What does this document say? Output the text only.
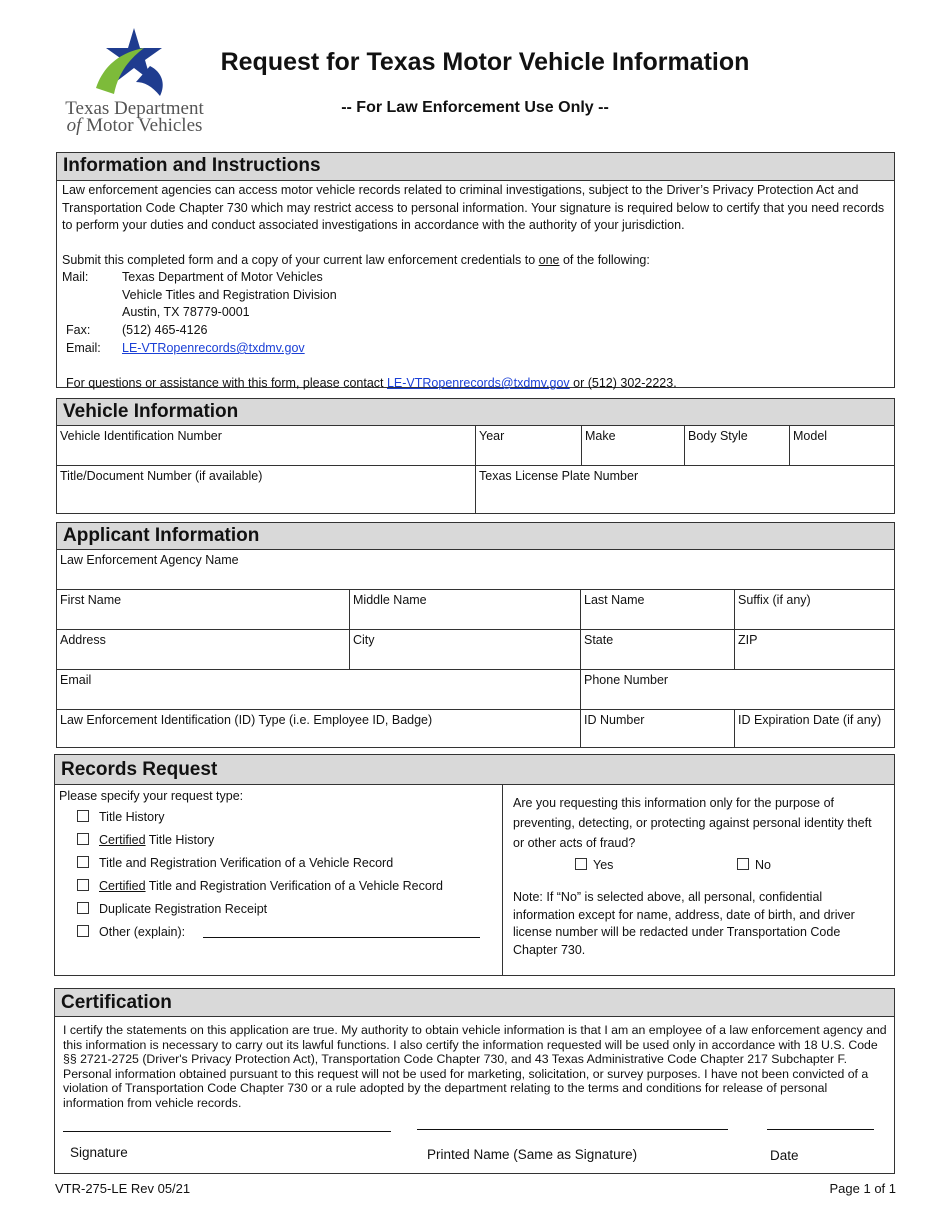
Texas Department
of Motor Vehicles
Request for Texas Motor Vehicle Information
-- For Law Enforcement Use Only --
Information and Instructions
Law enforcement agencies can access motor vehicle records related to criminal investigations, subject to the Driver’s Privacy Protection Act and Transportation Code Chapter 730 which may restrict access to personal information. Your signature is required below to certify that you need records to perform your duties and conduct associated investigations in accordance with the authority of your jurisdiction.
Submit this completed form and a copy of your current law enforcement credentials to one of the following:
Mail:	Texas Department of Motor Vehicles
Vehicle Titles and Registration Division
Austin, TX 78779-0001
Fax:	(512) 465-4126
Email: LE-VTRopenrecords@txdmv.gov
For questions or assistance with this form, please contact LE-VTRopenrecords@txdmv.gov or (512) 302-2223.
Vehicle Information
Vehicle Identification Number	Year	Make	Body Style	Model
Title/Document Number (if available)	Texas License Plate Number
Applicant Information
Law Enforcement Agency Name
First Name	Middle Name	Last Name	Suffix (if any)
Address	City	State	ZIP
Email	Phone Number
Law Enforcement Identification (ID) Type (i.e. Employee ID, Badge)	ID Number	ID Expiration Date (if any)
Records Request
Please specify your request type:
Title History
Certified Title History
Title and Registration Verification of a Vehicle Record
Certified Title and Registration Verification of a Vehicle Record
Duplicate Registration Receipt
Other (explain):
Are you requesting this information only for the purpose of preventing, detecting, or protecting against personal identity theft or other acts of fraud?
Yes	No
Note: If “No” is selected above, all personal, confidential information except for name, address, date of birth, and driver license number will be redacted under Transportation Code Chapter 730.
Certification
I certify the statements on this application are true. My authority to obtain vehicle information is that I am an employee of a law enforcement agency and this information is necessary to carry out its lawful functions. I also certify the information requested will be used only in accordance with 18 U.S. Code §§ 2721-2725 (Driver's Privacy Protection Act), Transportation Code Chapter 730, and 43 Texas Administrative Code Chapter 217 Subchapter F. Personal information obtained pursuant to this request will not be used for marketing, solicitation, or survey purposes. I have not been convicted of a violation of Transportation Code Chapter 730 or a rule adopted by the department relating to the terms and conditions for release of personal information from vehicle records.
Signature	Printed Name (Same as Signature)	Date
VTR-275-LE Rev 05/21	Page 1 of 1
